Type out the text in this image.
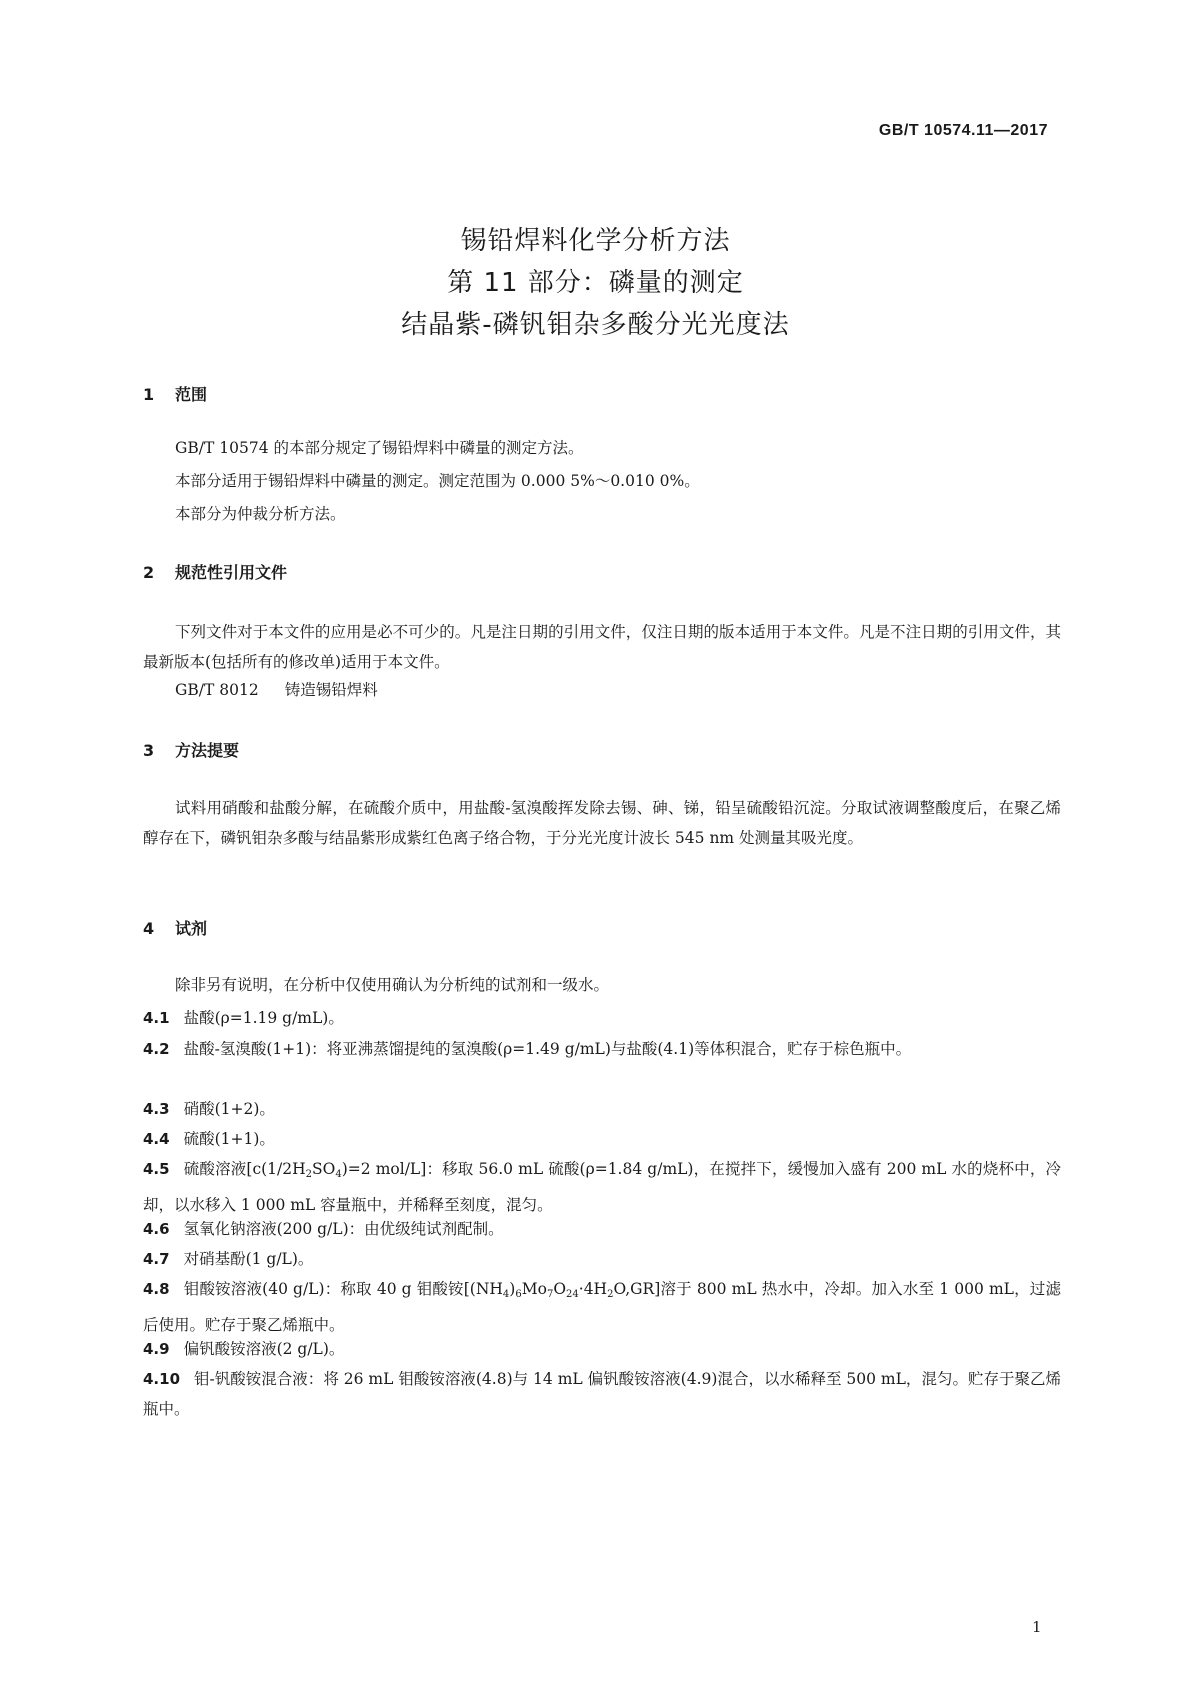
GB/T 10574.11—2017
锡铅焊料化学分析方法
第 11 部分：磷量的测定
结晶紫-磷钒钼杂多酸分光光度法
1 范围
GB/T 10574 的本部分规定了锡铅焊料中磷量的测定方法。
本部分适用于锡铅焊料中磷量的测定。测定范围为 0.000 5%～0.010 0%。
本部分为仲裁分析方法。
2 规范性引用文件
下列文件对于本文件的应用是必不可少的。凡是注日期的引用文件，仅注日期的版本适用于本文件。凡是不注日期的引用文件，其最新版本(包括所有的修改单)适用于本文件。
GB/T 8012 铸造锡铅焊料
3 方法提要
试料用硝酸和盐酸分解，在硫酸介质中，用盐酸-氢溴酸挥发除去锡、砷、锑，铅呈硫酸铅沉淀。分取试液调整酸度后，在聚乙烯醇存在下，磷钒钼杂多酸与结晶紫形成紫红色离子络合物，于分光光度计波长 545 nm 处测量其吸光度。
4 试剂
除非另有说明，在分析中仅使用确认为分析纯的试剂和一级水。
4.1 盐酸(ρ=1.19 g/mL)。
4.2 盐酸-氢溴酸(1+1)：将亚沸蒸馏提纯的氢溴酸(ρ=1.49 g/mL)与盐酸(4.1)等体积混合，贮存于棕色瓶中。
4.3 硝酸(1+2)。
4.4 硫酸(1+1)。
4.5 硫酸溶液[$c(1/2H_2SO_4)=2$ mol/L]：移取 56.0 mL 硫酸(ρ=1.84 g/mL)，在搅拌下，缓慢加入盛有 200 mL 水的烧杯中，冷却，以水移入 1 000 mL 容量瓶中，并稀释至刻度，混匀。
4.6 氢氧化钠溶液(200 g/L)：由优级纯试剂配制。
4.7 对硝基酚(1 g/L)。
4.8 钼酸铵溶液(40 g/L)：称取 40 g 钼酸铵$[(NH_4)_6Mo_7O_{24}\cdot 4H_2O,GR]$溶于 800 mL 热水中，冷却。加入水至 1 000 mL，过滤后使用。贮存于聚乙烯瓶中。
4.9 偏钒酸铵溶液(2 g/L)。
4.10 钼-钒酸铵混合液：将 26 mL 钼酸铵溶液(4.8)与 14 mL 偏钒酸铵溶液(4.9)混合，以水稀释至 500 mL，混匀。贮存于聚乙烯瓶中。
1
